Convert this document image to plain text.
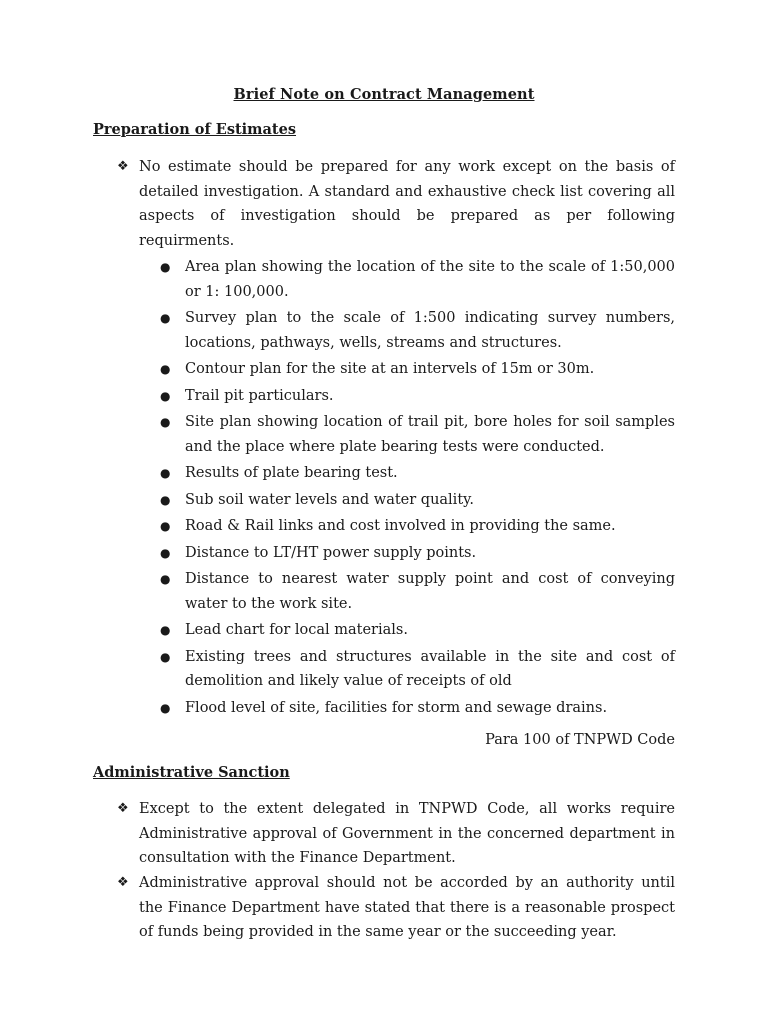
Brief Note on Contract Management
Preparation of Estimates
❖ No estimate should be prepared for any work except on the basis of detailed investigation. A standard and exhaustive check list covering all aspects of investigation should be prepared as per following requirments.
● Area plan showing the location of the site to the scale of 1:50,000 or 1: 100,000.
● Survey plan to the scale of 1:500 indicating survey numbers, locations, pathways, wells, streams and structures.
● Contour plan for the site at an intervels of 15m or 30m.
● Trail pit particulars.
● Site plan showing location of trail pit, bore holes for soil samples and the place where plate bearing tests were conducted.
● Results of plate bearing test.
● Sub soil water levels and water quality.
● Road & Rail links and cost involved in providing the same.
● Distance to LT/HT power supply points.
● Distance to nearest water supply point and cost of conveying water to the work site.
● Lead chart for local materials.
● Existing trees and structures available in the site and cost of demolition and likely value of receipts of old
● Flood level of site, facilities for storm and sewage drains.
Para 100 of TNPWD Code
Administrative Sanction
❖ Except to the extent delegated in TNPWD Code, all works require Administrative approval of Government in the concerned department in consultation with the Finance Department.
❖ Administrative approval should not be accorded by an authority until the Finance Department have stated that there is a reasonable prospect of funds being provided in the same year or the succeeding year.
